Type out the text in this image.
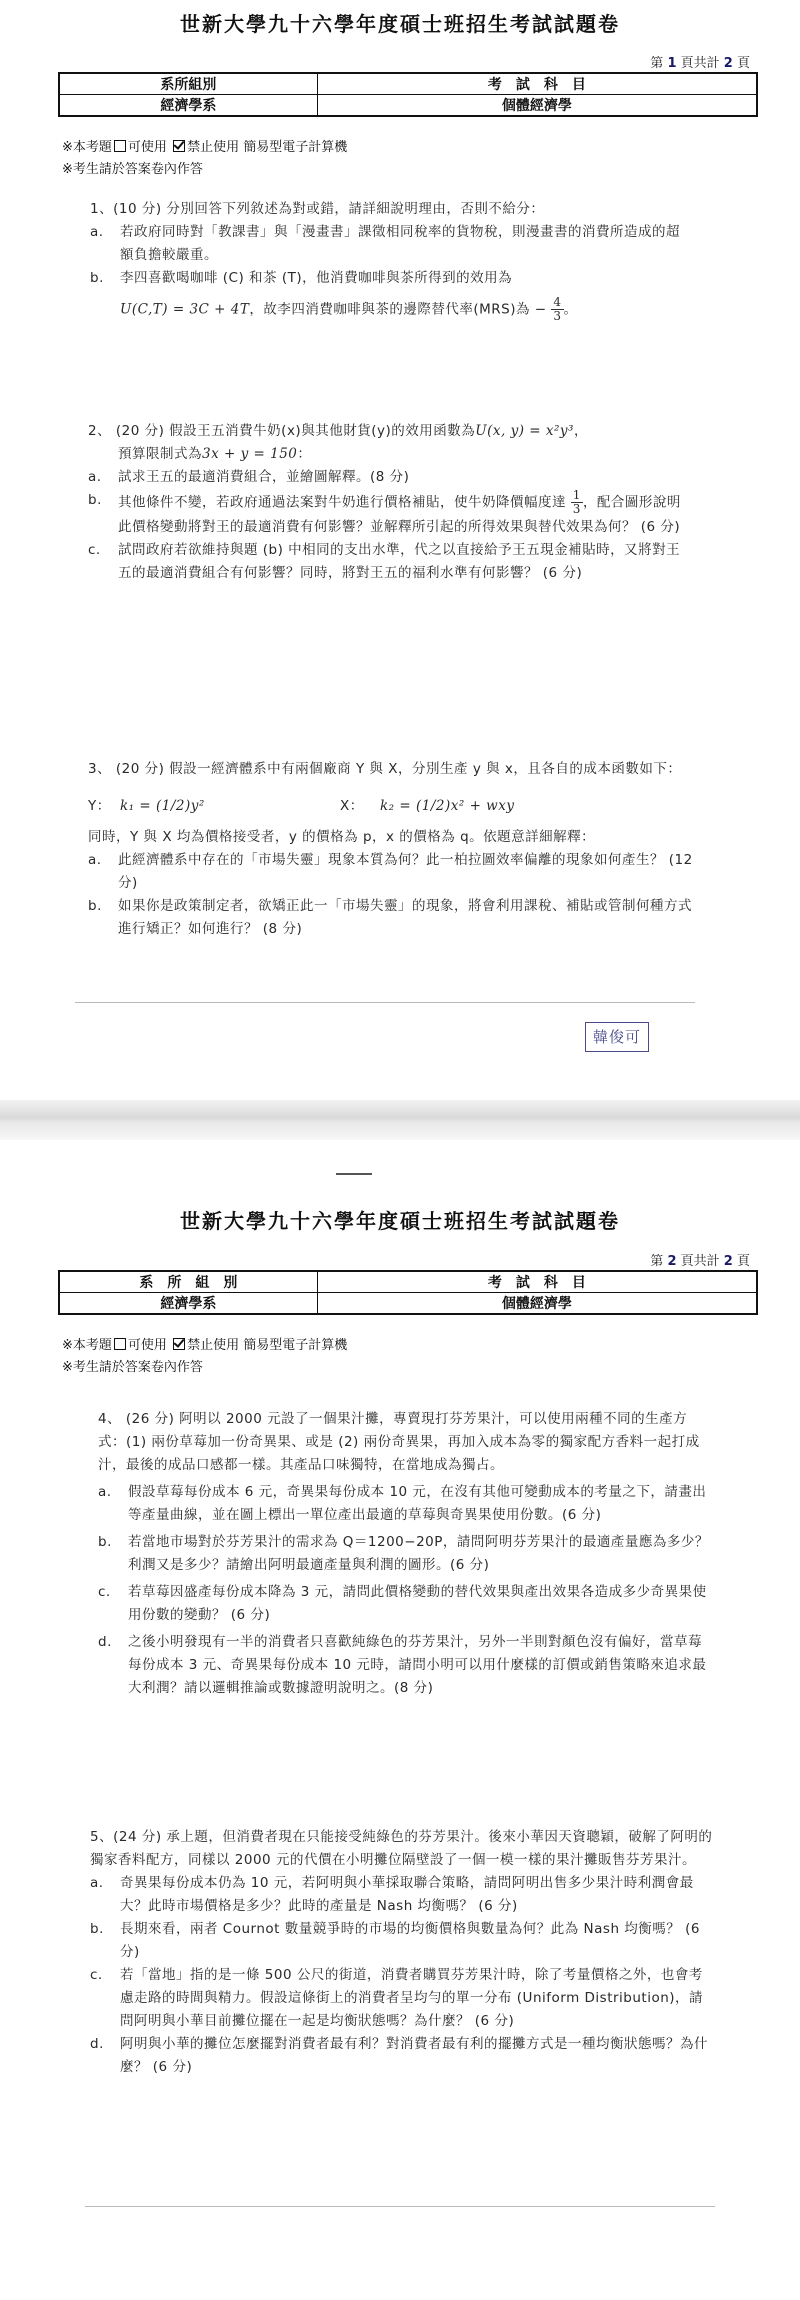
世新大學九十六學年度碩士班招生考試試題卷
第 1 頁共計 2 頁
系所組別	考　試　科　目
經濟學系	個體經濟學
※本考題 可使用 禁止使用 簡易型電子計算機
※考生請於答案卷內作答
1、(10 分) 分別回答下列敘述為對或錯，請詳細說明理由，否則不給分：
a.	若政府同時對「教課書」與「漫畫書」課徵相同稅率的貨物稅，則漫畫書的消費所造成的超額負擔較嚴重。
b.	李四喜歡喝咖啡 (C) 和茶 (T)，他消費咖啡與茶所得到的效用為
U(C,T) = 3C + 4T，故李四消費咖啡與茶的邊際替代率(MRS)為 − $\frac{4}{3}$ 。
2、 (20 分) 假設王五消費牛奶(x)與其他財貨(y)的效用函數為U(x, y) = x²y³，
預算限制式為3x + y = 150：
a.	試求王五的最適消費組合，並繪圖解釋。(8 分)
b.	其他條件不變，若政府通過法案對牛奶進行價格補貼，使牛奶降價幅度達 $\frac{1}{3}$ ，配合圖形說明此價格變動將對王的最適消費有何影響？並解釋所引起的所得效果與替代效果為何？ (6 分)
c.	試問政府若欲維持與題 (b) 中相同的支出水準，代之以直接給予王五現金補貼時，又將對王五的最適消費組合有何影響？同時，將對王五的福利水準有何影響？ (6 分)
3、 (20 分) 假設一經濟體系中有兩個廠商 Y 與 X，分別生產 y 與 x，且各自的成本函數如下：
Y： k₁ = (1/2)y²	X：	k₂ = (1/2)x² + wxy
同時，Y 與 X 均為價格接受者，y 的價格為 p，x 的價格為 q。依題意詳細解釋：
a.	此經濟體系中存在的「市場失靈」現象本質為何？此一柏拉圖效率偏離的現象如何產生？ (12 分)
b.	如果你是政策制定者，欲矯正此一「市場失靈」的現象，將會利用課稅、補貼或管制何種方式進行矯正？如何進行？ (8 分)
韓俊可
世新大學九十六學年度碩士班招生考試試題卷
第 2 頁共計 2 頁
系　所　組　別	考　試　科　目
經濟學系	個體經濟學
※本考題 可使用 禁止使用 簡易型電子計算機
※考生請於答案卷內作答
4、 (26 分) 阿明以 2000 元設了一個果汁攤，專賣現打芬芳果汁，可以使用兩種不同的生產方式：(1) 兩份草莓加一份奇異果、或是 (2) 兩份奇異果，再加入成本為零的獨家配方香料一起打成汁，最後的成品口感都一樣。其產品口味獨特，在當地成為獨占。
a.	假設草莓每份成本 6 元，奇異果每份成本 10 元，在沒有其他可變動成本的考量之下，請畫出等產量曲線，並在圖上標出一單位產出最適的草莓與奇異果使用份數。(6 分)
b.	若當地市場對於芬芳果汁的需求為 Q＝1200−20P，請問阿明芬芳果汁的最適產量應為多少？利潤又是多少？請繪出阿明最適產量與利潤的圖形。(6 分)
c.	若草莓因盛產每份成本降為 3 元，請問此價格變動的替代效果與產出效果各造成多少奇異果使用份數的變動？ (6 分)
d.	之後小明發現有一半的消費者只喜歡純綠色的芬芳果汁，另外一半則對顏色沒有偏好，當草莓每份成本 3 元、奇異果每份成本 10 元時，請問小明可以用什麼樣的訂價或銷售策略來追求最大利潤？請以邏輯推論或數據證明說明之。(8 分)
5、(24 分) 承上題，但消費者現在只能接受純綠色的芬芳果汁。後來小華因天資聰穎，破解了阿明的獨家香料配方，同樣以 2000 元的代價在小明攤位隔壁設了一個一模一樣的果汁攤販售芬芳果汁。
a.	奇異果每份成本仍為 10 元，若阿明與小華採取聯合策略，請問阿明出售多少果汁時利潤會最大？此時市場價格是多少？此時的產量是 Nash 均衡嗎？ (6 分)
b.	長期來看，兩者 Cournot 數量競爭時的市場的均衡價格與數量為何？此為 Nash 均衡嗎？ (6 分)
c.	若「當地」指的是一條 500 公尺的街道，消費者購買芬芳果汁時，除了考量價格之外，也會考慮走路的時間與精力。假設這條街上的消費者呈均勻的單一分布 (Uniform Distribution)，請問阿明與小華目前攤位擺在一起是均衡狀態嗎？為什麼？ (6 分)
d.	阿明與小華的攤位怎麼擺對消費者最有利？對消費者最有利的擺攤方式是一種均衡狀態嗎？為什麼？ (6 分)
